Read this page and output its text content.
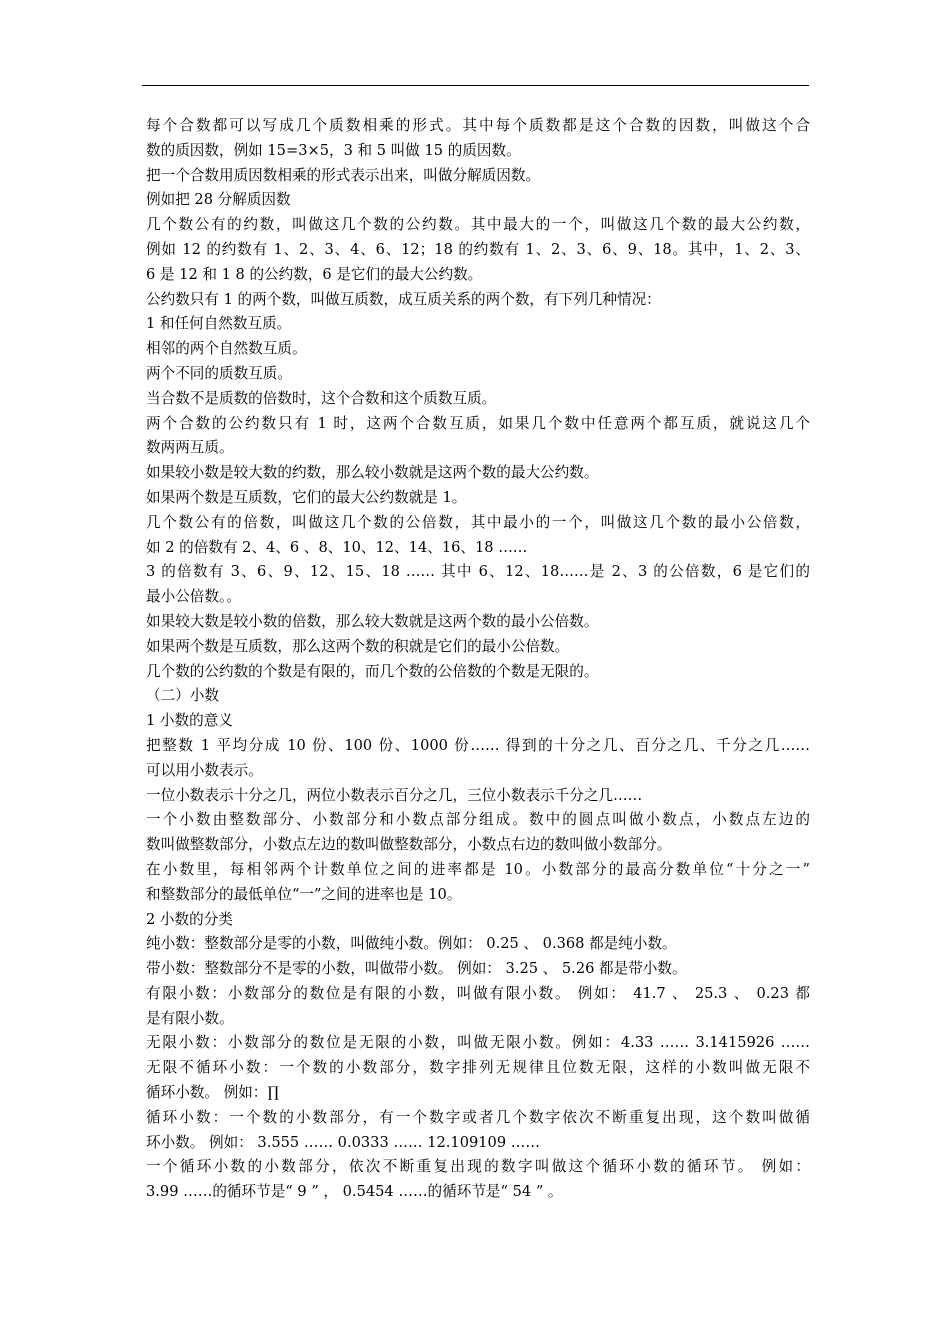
每个合数都可以写成几个质数相乘的形式。其中每个质数都是这个合数的因数，叫做这个合

数的质因数，例如 15=3×5，3 和 5 叫做 15 的质因数。

把一个合数用质因数相乘的形式表示出来，叫做分解质因数。

例如把 28 分解质因数

几个数公有的约数，叫做这几个数的公约数。其中最大的一个，叫做这几个数的最大公约数，

例如 12 的约数有 1、2、3、4、6、12；18 的约数有 1、2、3、6、9、18。其中，1、2、3、

6 是 12 和 1 8 的公约数，6 是它们的最大公约数。

公约数只有 1 的两个数，叫做互质数，成互质关系的两个数，有下列几种情况：

1 和任何自然数互质。

相邻的两个自然数互质。

两个不同的质数互质。

当合数不是质数的倍数时，这个合数和这个质数互质。

两个合数的公约数只有 1 时，这两个合数互质，如果几个数中任意两个都互质，就说这几个

数两两互质。

如果较小数是较大数的约数，那么较小数就是这两个数的最大公约数。

如果两个数是互质数，它们的最大公约数就是 1。

几个数公有的倍数，叫做这几个数的公倍数，其中最小的一个，叫做这几个数的最小公倍数，

如 2 的倍数有 2、4、6 、8、10、12、14、16、18 ……

3 的倍数有 3、6、9、12、15、18 …… 其中 6、12、18……是 2、3 的公倍数，6 是它们的

最小公倍数。。

如果较大数是较小数的倍数，那么较大数就是这两个数的最小公倍数。

如果两个数是互质数，那么这两个数的积就是它们的最小公倍数。

几个数的公约数的个数是有限的，而几个数的公倍数的个数是无限的。

（二）小数

1 小数的意义

把整数 1 平均分成 10 份、100 份、1000 份…… 得到的十分之几、百分之几、千分之几……

可以用小数表示。

一位小数表示十分之几，两位小数表示百分之几，三位小数表示千分之几……

一个小数由整数部分、小数部分和小数点部分组成。数中的圆点叫做小数点，小数点左边的

数叫做整数部分，小数点左边的数叫做整数部分，小数点右边的数叫做小数部分。

在小数里，每相邻两个计数单位之间的进率都是 10。小数部分的最高分数单位“十分之一”

和整数部分的最低单位“一”之间的进率也是 10。

2 小数的分类

纯小数：整数部分是零的小数，叫做纯小数。例如： 0.25 、 0.368 都是纯小数。

带小数：整数部分不是零的小数，叫做带小数。 例如： 3.25 、 5.26 都是带小数。

有限小数：小数部分的数位是有限的小数，叫做有限小数。 例如： 41.7 、 25.3 、 0.23 都

是有限小数。

无限小数：小数部分的数位是无限的小数，叫做无限小数。例如：4.33 …… 3.1415926 ……

无限不循环小数：一个数的小数部分，数字排列无规律且位数无限，这样的小数叫做无限不

循环小数。 例如：∏

循环小数：一个数的小数部分，有一个数字或者几个数字依次不断重复出现，这个数叫做循

环小数。 例如： 3.555 …… 0.0333 …… 12.109109 ……

一个循环小数的小数部分，依次不断重复出现的数字叫做这个循环小数的循环节。 例如：

3.99 ……的循环节是“ 9 ” ， 0.5454 ……的循环节是“ 54 ” 。
